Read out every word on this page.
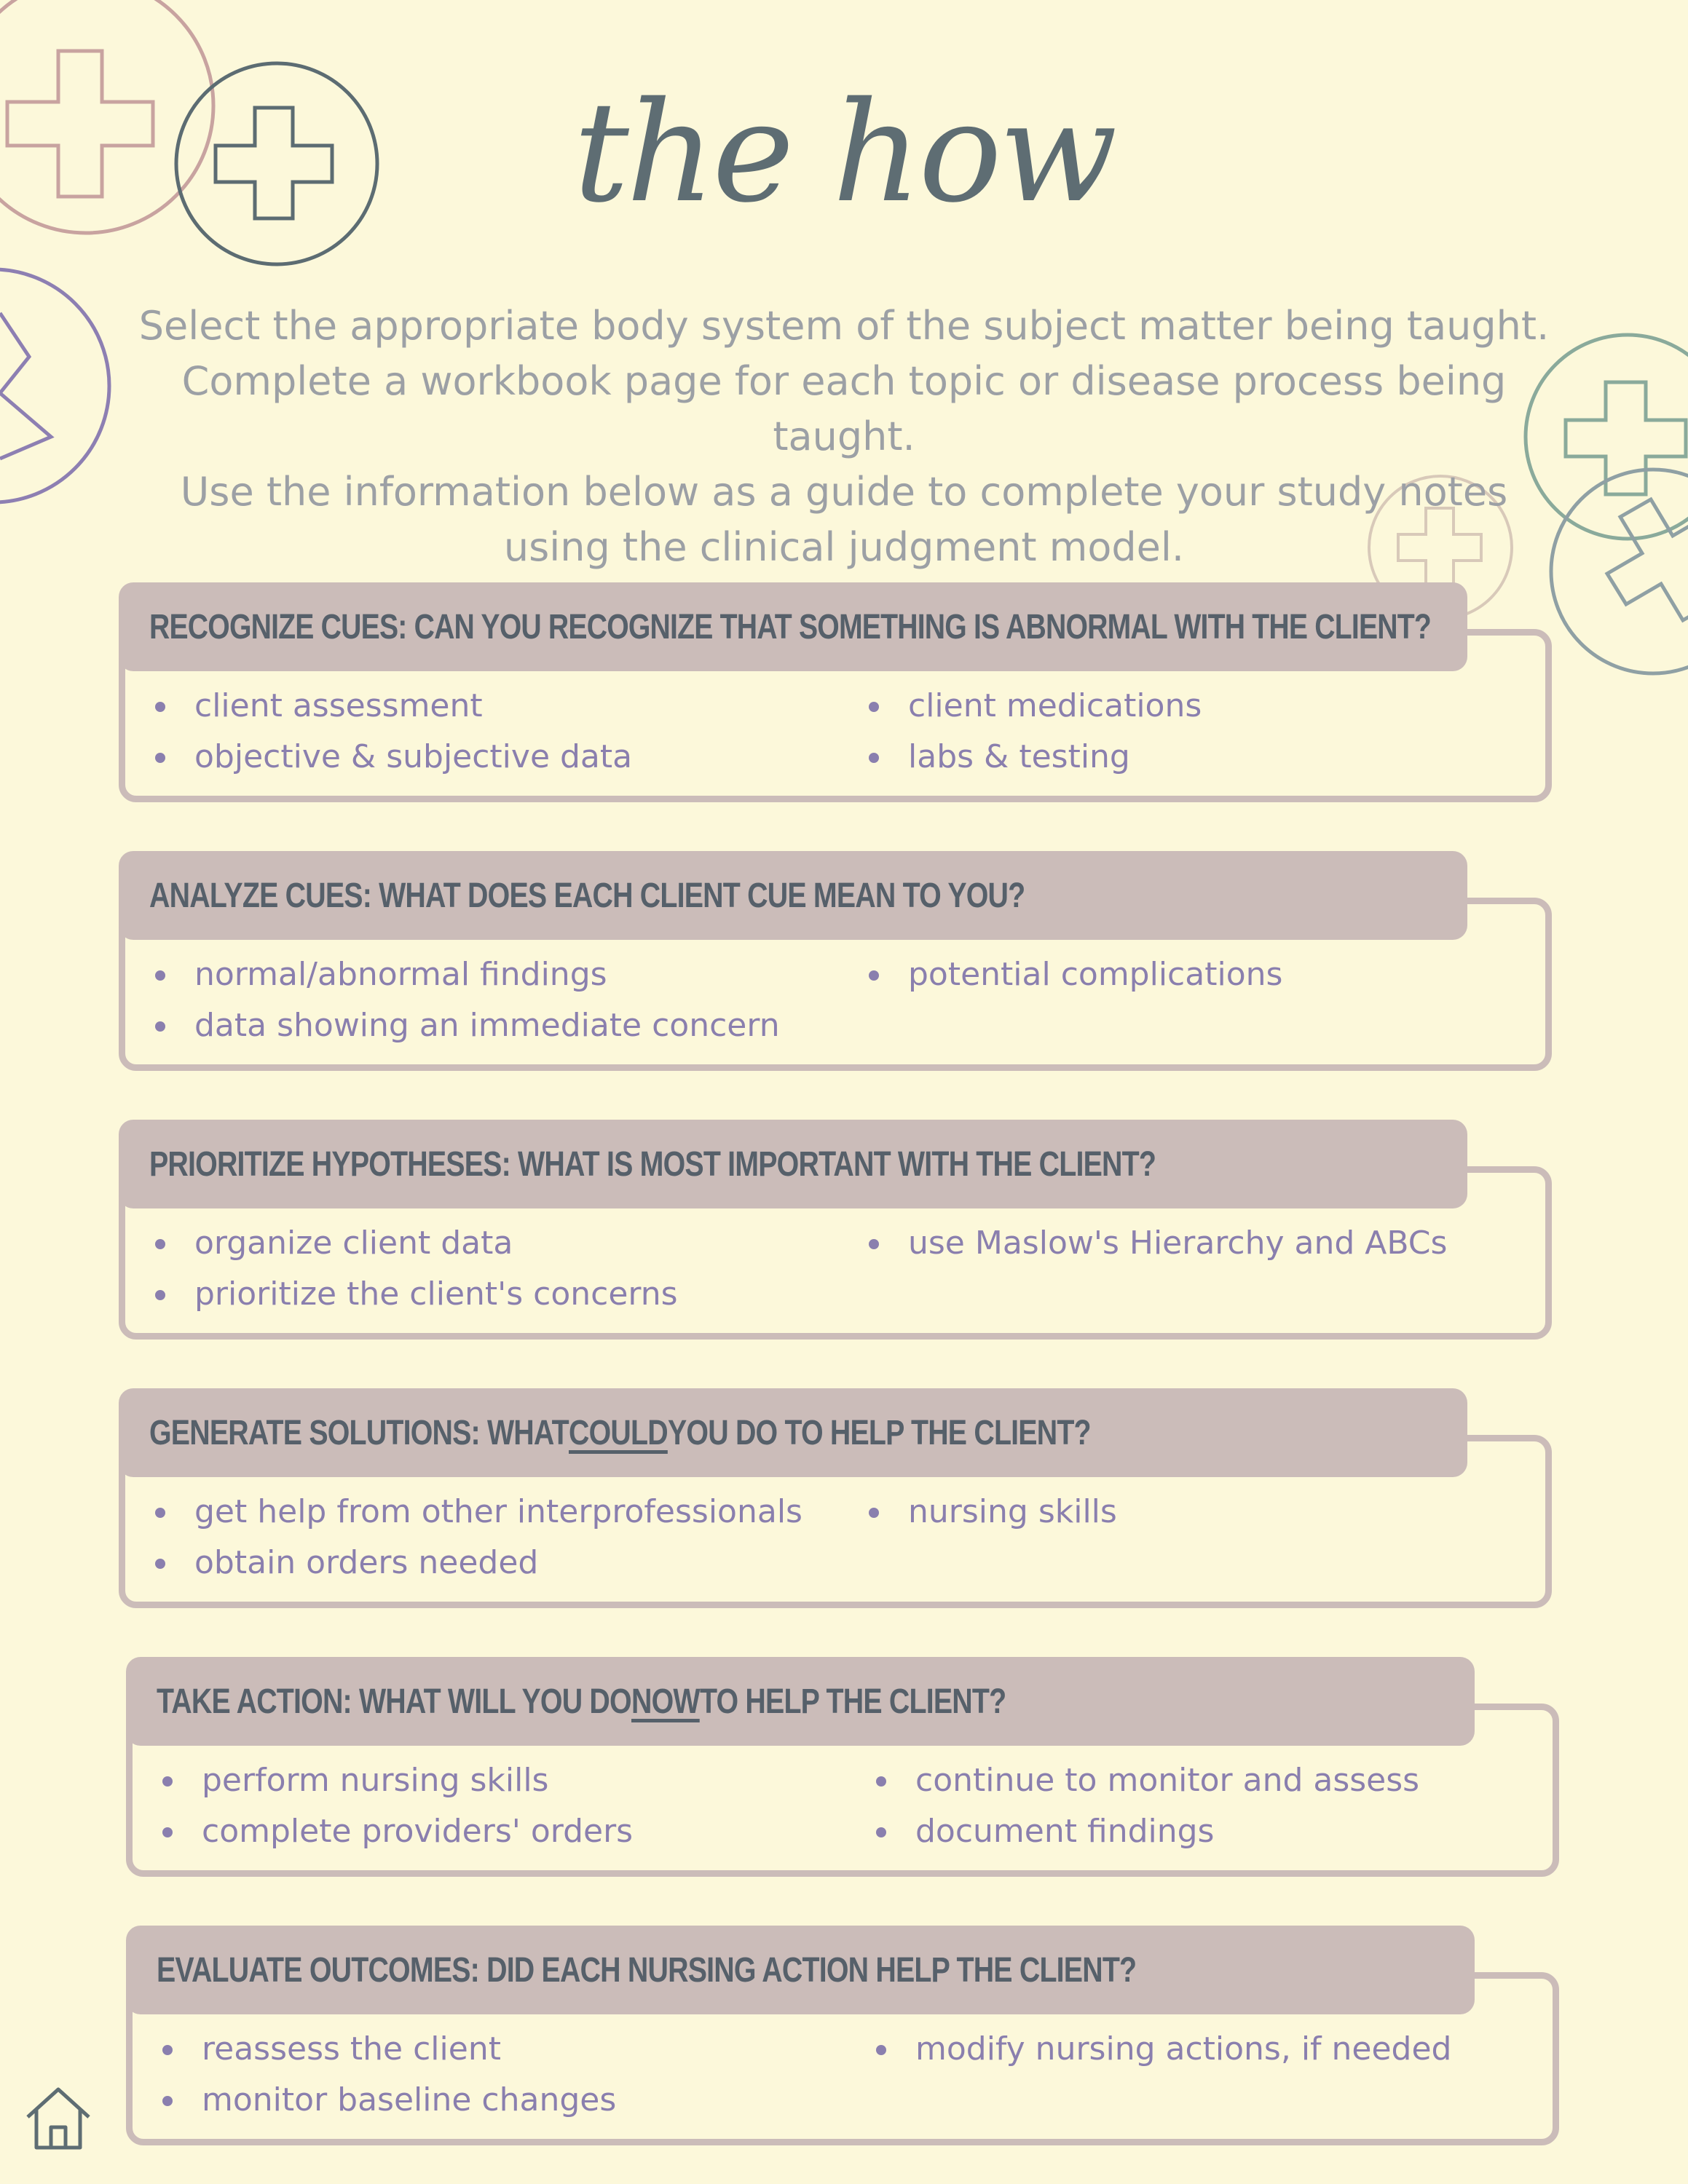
the how

Select the appropriate body system of the subject matter being taught.

Complete a workbook page for each topic or disease process being taught.

Use the information below as a guide to complete your study notes

using the clinical judgment model.

RECOGNIZE CUES: CAN YOU RECOGNIZE THAT SOMETHING IS ABNORMAL WITH THE CLIENT?
client assessment	client medications
objective & subjective data	labs & testing
ANALYZE CUES: WHAT DOES EACH CLIENT CUE MEAN TO YOU?
normal/abnormal findings	potential complications
data showing an immediate concern
PRIORITIZE HYPOTHESES: WHAT IS MOST IMPORTANT WITH THE CLIENT?
organize client data	use Maslow's Hierarchy and ABCs
prioritize the client's concerns
GENERATE SOLUTIONS: WHAT COULD YOU DO TO HELP THE CLIENT?
get help from other interprofessionals	nursing skills
obtain orders needed
TAKE ACTION: WHAT WILL YOU DO NOW TO HELP THE CLIENT?
perform nursing skills	continue to monitor and assess
complete providers' orders	document findings
EVALUATE OUTCOMES: DID EACH NURSING ACTION HELP THE CLIENT?
reassess the client	modify nursing actions, if needed
monitor baseline changes
